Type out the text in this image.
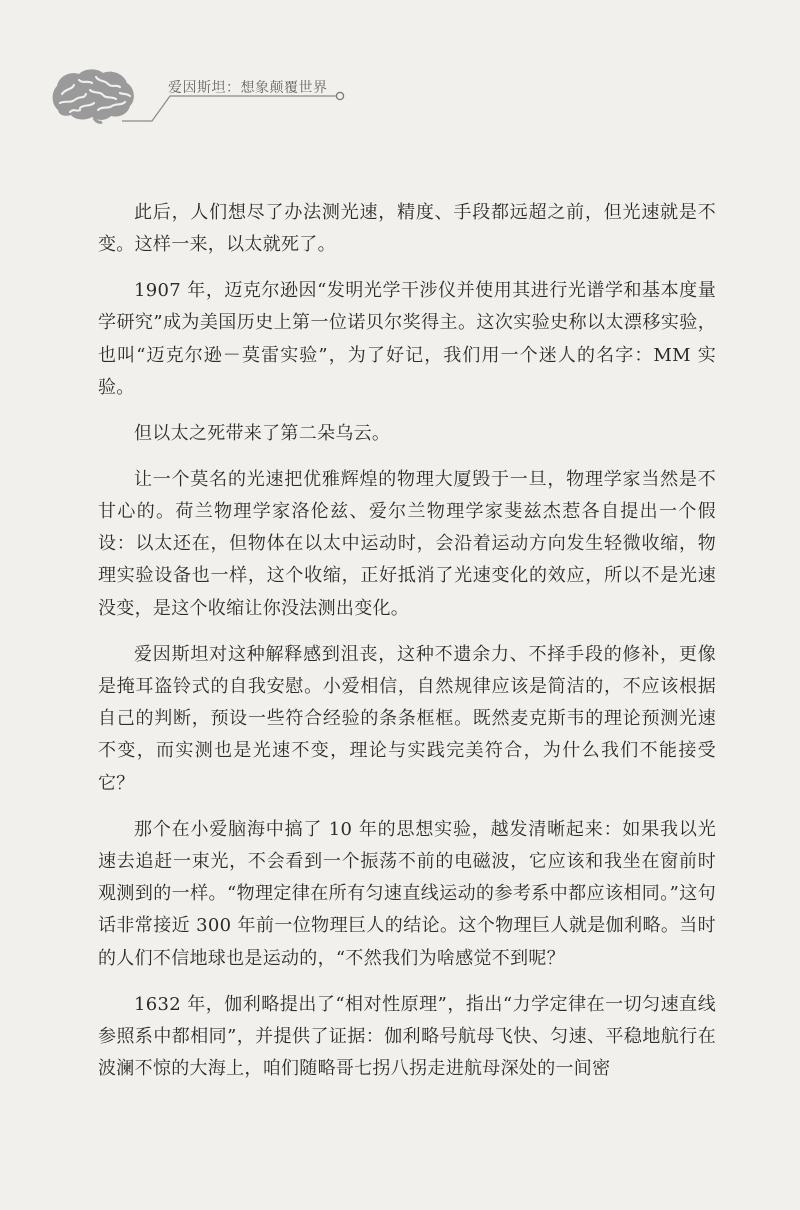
爱因斯坦：想象颠覆世界

此后，人们想尽了办法测光速，精度、手段都远超之前，但光速就是不变。这样一来，以太就死了。

1907 年，迈克尔逊因“发明光学干涉仪并使用其进行光谱学和基本度量学研究”成为美国历史上第一位诺贝尔奖得主。这次实验史称以太漂移实验，也叫“迈克尔逊－莫雷实验”，为了好记，我们用一个迷人的名字：MM 实验。

但以太之死带来了第二朵乌云。

让一个莫名的光速把优雅辉煌的物理大厦毁于一旦，物理学家当然是不甘心的。荷兰物理学家洛伦兹、爱尔兰物理学家斐兹杰惹各自提出一个假设：以太还在，但物体在以太中运动时，会沿着运动方向发生轻微收缩，物理实验设备也一样，这个收缩，正好抵消了光速变化的效应，所以不是光速没变，是这个收缩让你没法测出变化。

爱因斯坦对这种解释感到沮丧，这种不遗余力、不择手段的修补，更像是掩耳盗铃式的自我安慰。小爱相信，自然规律应该是简洁的，不应该根据自己的判断，预设一些符合经验的条条框框。既然麦克斯韦的理论预测光速不变，而实测也是光速不变，理论与实践完美符合，为什么我们不能接受它？

那个在小爱脑海中搞了 10 年的思想实验，越发清晰起来：如果我以光速去追赶一束光，不会看到一个振荡不前的电磁波，它应该和我坐在窗前时观测到的一样。“物理定律在所有匀速直线运动的参考系中都应该相同。”这句话非常接近 300 年前一位物理巨人的结论。这个物理巨人就是伽利略。当时的人们不信地球也是运动的，“不然我们为啥感觉不到呢？

1632 年，伽利略提出了“相对性原理”，指出“力学定律在一切匀速直线参照系中都相同”，并提供了证据：伽利略号航母飞快、匀速、平稳地航行在波澜不惊的大海上，咱们随略哥七拐八拐走进航母深处的一间密
